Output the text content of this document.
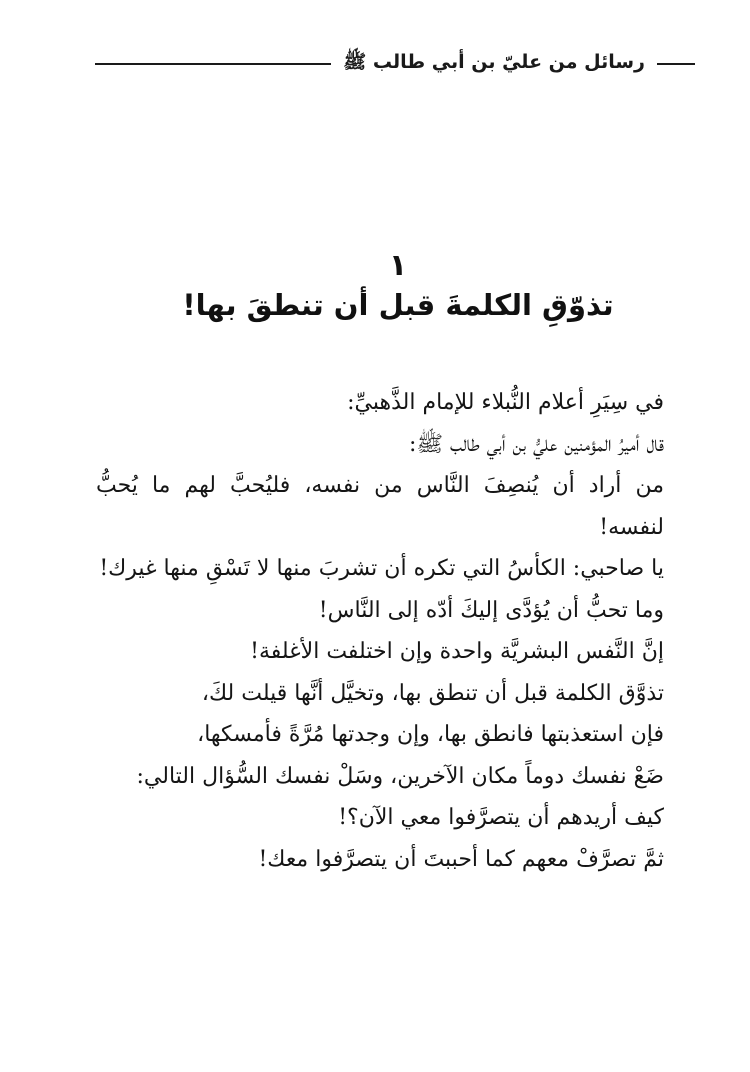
رسائل من عليّ بن أبي طالب ﷺ
١
تذوّقِ الكلمةَ قبل أن تنطقَ بها!

في سِيَرِ أعلام النُّبلاء للإمام الذَّهبيِّ:

قال أميرُ المؤمنين عليُّ بن أبي طالب ﷺ:

من أراد أن يُنصِفَ النَّاس من نفسه، فليُحبَّ لهم ما يُحبُّ لنفسه!

يا صاحبي: الكأسُ التي تكره أن تشربَ منها لا تَسْقِ منها غيرك!

وما تحبُّ أن يُؤدَّى إليكَ أدّه إلى النَّاس!

إنَّ النَّفس البشريَّة واحدة وإن اختلفت الأغلفة!

تذوَّق الكلمة قبل أن تنطق بها، وتخيَّل أنَّها قيلت لكَ،

فإن استعذبتها فانطق بها، وإن وجدتها مُرَّةً فأمسكها،

ضَعْ نفسك دوماً مكان الآخرين، وسَلْ نفسك السُّؤال التالي:

كيف أريدهم أن يتصرَّفوا معي الآن؟!

ثمَّ تصرَّفْ معهم كما أحببتَ أن يتصرَّفوا معك!
